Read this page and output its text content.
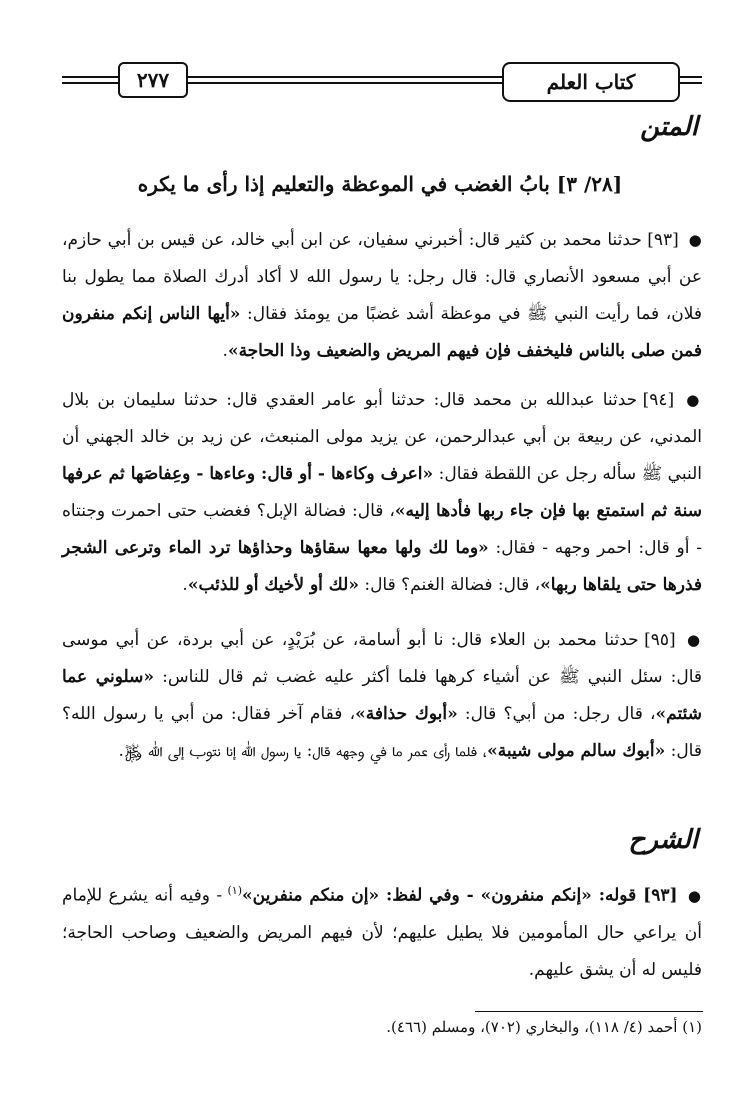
٢٧٧	كتاب العلم
المتن
[٢٨/ ٣] بابُ الغضب في الموعظة والتعليم إذا رأى ما يكره
● [٩٣] حدثنا محمد بن كثير قال: أخبرني سفيان، عن ابن أبي خالد، عن قيس بن أبي حازم، عن أبي مسعود الأنصاري قال: قال رجل: يا رسول الله لا أكاد أدرك الصلاة مما يطول بنا فلان، فما رأيت النبي ﷺ في موعظة أشد غضبًا من يومئذ فقال: «أيها الناس إنكم منفرون فمن صلى بالناس فليخفف فإن فيهم المريض والضعيف وذا الحاجة».
● [٩٤] حدثنا عبدالله بن محمد قال: حدثنا أبو عامر العقدي قال: حدثنا سليمان بن بلال المدني، عن ربيعة بن أبي عبدالرحمن، عن يزيد مولى المنبعث، عن زيد بن خالد الجهني أن النبي ﷺ سأله رجل عن اللقطة فقال: «اعرف وكاءها - أو قال: وعاءها - وعِفاصَها ثم عرفها سنة ثم استمتع بها فإن جاء ربها فأدها إليه»، قال: فضالة الإبل؟ فغضب حتى احمرت وجنتاه - أو قال: احمر وجهه - فقال: «وما لك ولها معها سقاؤها وحذاؤها ترد الماء وترعى الشجر فذرها حتى يلقاها ربها»، قال: فضالة الغنم؟ قال: «لك أو لأخيك أو للذئب».
● [٩٥] حدثنا محمد بن العلاء قال: نا أبو أسامة، عن بُرَيْدٍ، عن أبي بردة، عن أبي موسى قال: سئل النبي ﷺ عن أشياء كرهها فلما أكثر عليه غضب ثم قال للناس: «سلوني عما شئتم»، قال رجل: من أبي؟ قال: «أبوك حذافة»، فقام آخر فقال: من أبي يا رسول الله؟ قال: «أبوك سالم مولى شيبة»، فلما رأى عمر ما في وجهه قال: يا رسول الله إنا نتوب إلى الله ﷿.
الشرح
● [٩٣] قوله: «إنكم منفرون» - وفي لفظ: «إن منكم منفرين»$^{(١)}$ - وفيه أنه يشرع للإمام أن يراعي حال المأمومين فلا يطيل عليهم؛ لأن فيهم المريض والضعيف وصاحب الحاجة؛ فليس له أن يشق عليهم.
(١) أحمد (٤/ ١١٨)، والبخاري (٧٠٢)، ومسلم (٤٦٦).
